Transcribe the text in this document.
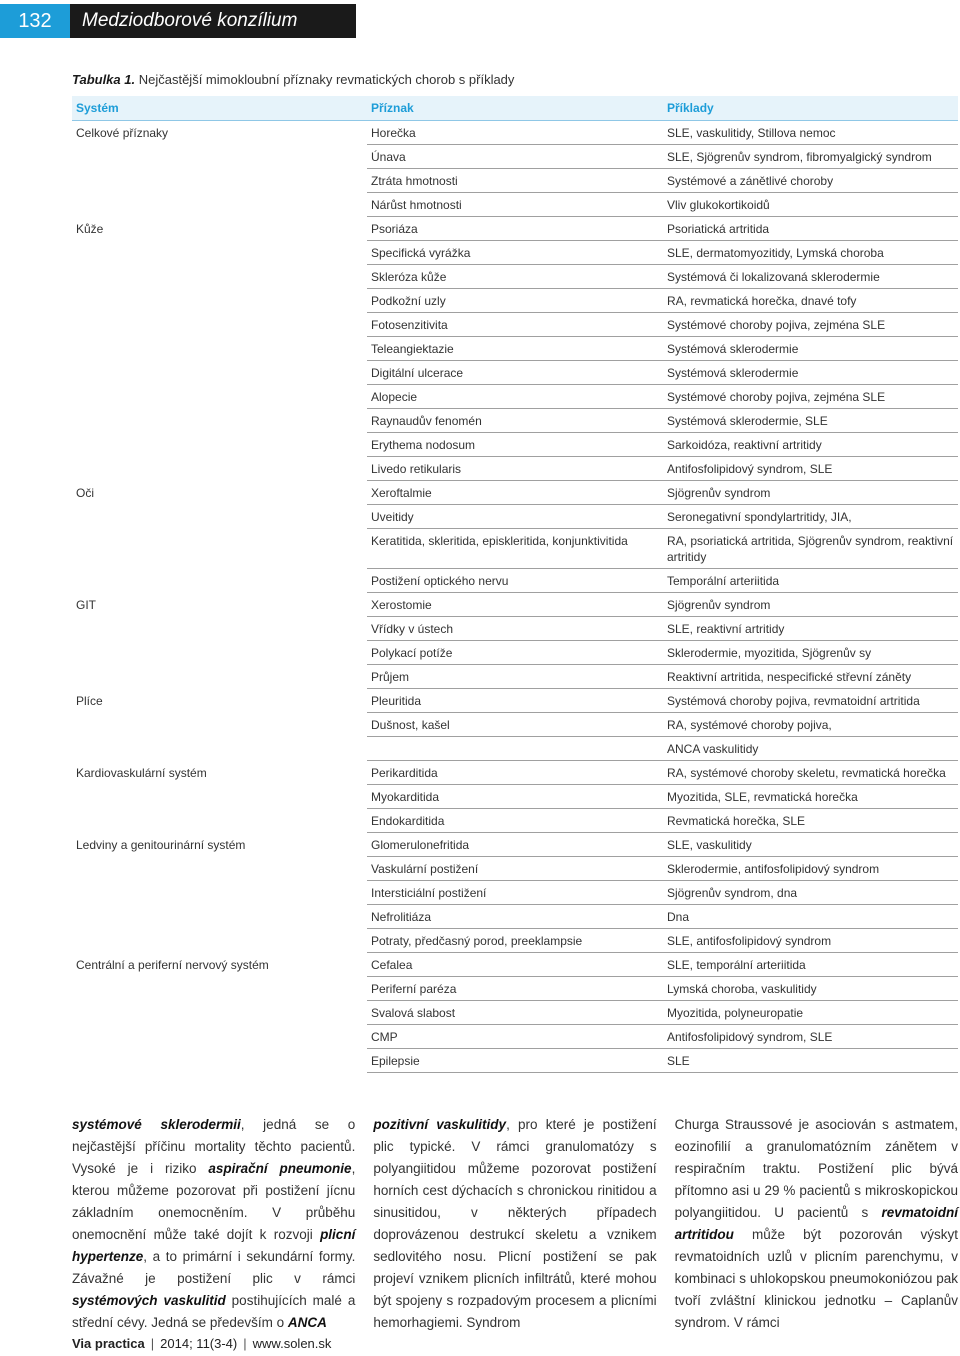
132	Medziodborové konzílium
Tabulka 1. Nejčastější mimokloubní příznaky revmatických chorob s příklady
Systém	Příznak	Příklady
Celkové příznaky	Horečka	SLE, vaskulitidy, Stillova nemoc
	Únava	SLE, Sjögrenův syndrom, fibromyalgický syndrom
	Ztráta hmotnosti	Systémové a zánětlivé choroby
	Nárůst hmotnosti	Vliv glukokortikoidů
Kůže	Psoriáza	Psoriatická artritida
	Specifická vyrážka	SLE, dermatomyozitidy, Lymská choroba
	Skleróza kůže	Systémová či lokalizovaná sklerodermie
	Podkožní uzly	RA, revmatická horečka, dnavé tofy
	Fotosenzitivita	Systémové choroby pojiva, zejména SLE
	Teleangiektazie	Systémová sklerodermie
	Digitální ulcerace	Systémová sklerodermie
	Alopecie	Systémové choroby pojiva, zejména SLE
	Raynaudův fenomén	Systémová sklerodermie, SLE
	Erythema nodosum	Sarkoidóza, reaktivní artritidy
	Livedo retikularis	Antifosfolipidový syndrom, SLE
Oči	Xeroftalmie	Sjögrenův syndrom
	Uveitidy	Seronegativní spondylartritidy, JIA,
	Keratitida, skleritida, episkleritida, konjunktivitida	RA, psoriatická artritida, Sjögrenův syndrom, reaktivní artritidy
	Postižení optického nervu	Temporální arteriitida
GIT	Xerostomie	Sjögrenův syndrom
	Vřídky v ústech	SLE, reaktivní artritidy
	Polykací potíže	Sklerodermie, myozitida, Sjögrenův sy
	Průjem	Reaktivní artritida, nespecifické střevní záněty
Plíce	Pleuritida	Systémová choroby pojiva, revmatoidní artritida
	Dušnost, kašel	RA, systémové choroby pojiva,
		ANCA vaskulitidy
Kardiovaskulární systém	Perikarditida	RA, systémové choroby skeletu, revmatická horečka
	Myokarditida	Myozitida, SLE, revmatická horečka
	Endokarditida	Revmatická horečka, SLE
Ledviny a genitourinární systém	Glomerulonefritida	SLE, vaskulitidy
	Vaskulární postižení	Sklerodermie, antifosfolipidový syndrom
	Intersticiální postižení	Sjögrenův syndrom, dna
	Nefrolitiáza	Dna
	Potraty, předčasný porod, preeklampsie	SLE, antifosfolipidový syndrom
Centrální a periferní nervový systém	Cefalea	SLE, temporální arteriitida
	Periferní paréza	Lymská choroba, vaskulitidy
	Svalová slabost	Myozitida, polyneuropatie
	CMP	Antifosfolipidový syndrom, SLE
	Epilepsie	SLE
systémové sklerodermii, jedná se o nejčastější příčinu mortality těchto pacientů. Vysoké je i riziko aspirační pneumonie, kterou můžeme pozorovat při postižení jícnu základním onemocněním. V průběhu onemocnění může také dojít k rozvoji plicní hypertenze, a to primární i sekundární formy. Závažné je postižení plic v rámci systémových vaskulitid postihujících malé a střední cévy. Jedná se především o ANCA
pozitivní vaskulitidy, pro které je postižení plic typické. V rámci granulomatózy s polyangiitidou můžeme pozorovat postižení horních cest dýchacích s chronickou rinitidou a sinusitidou, v některých případech doprovázenou destrukcí skeletu a vznikem sedlovitého nosu. Plicní postižení se pak projeví vznikem plicních infiltrátů, které mohou být spojeny s rozpadovým procesem a plicními hemorhagiemi. Syndrom
Churga Straussové je asociován s astmatem, eozinofilií a granulomatózním zánětem v respiračním traktu. Postižení plic bývá přítomno asi u 29 % pacientů s mikroskopickou polyangiitidou. U pacientů s revmatoidní artritidou může být pozorován výskyt revmatoidních uzlů v plicním parenchymu, v kombinaci s uhlokopskou pneumokoniózou pak tvoří zvláštní klinickou jednotku – Caplanův syndrom. V rámci
Via practica | 2014; 11(3-4) | www.solen.sk
